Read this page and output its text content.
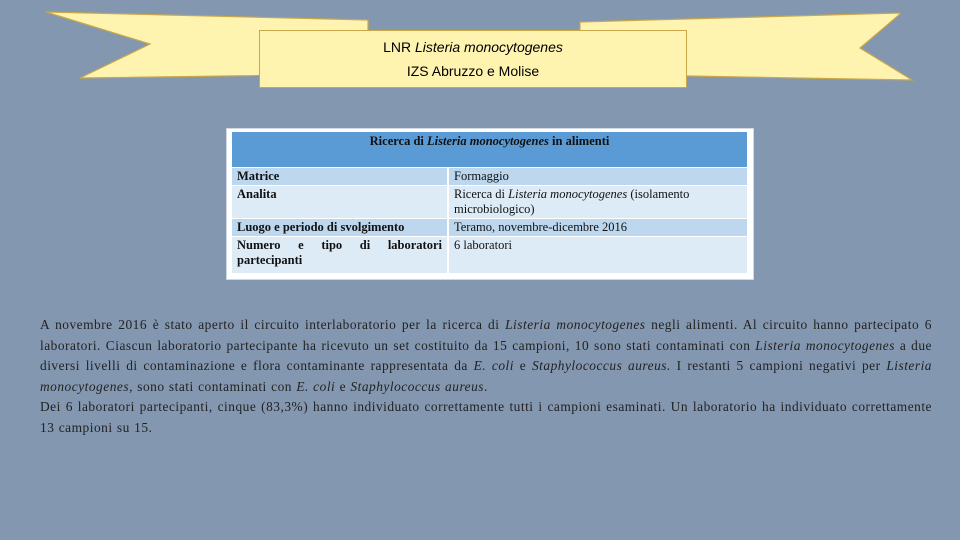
LNR Listeria monocytogenes
IZS Abruzzo e Molise
Ricerca di Listeria monocytogenes in alimenti	
Matrice	Formaggio
Analita	Ricerca di Listeria monocytogenes (isolamento microbiologico)
Luogo e periodo di svolgimento	Teramo, novembre-dicembre 2016
Numero e tipo di laboratori partecipanti	6 laboratori

A novembre 2016 è stato aperto il circuito interlaboratorio per la ricerca di Listeria monocytogenes negli alimenti. Al circuito hanno partecipato 6 laboratori. Ciascun laboratorio partecipante ha ricevuto un set costituito da 15 campioni, 10 sono stati contaminati con Listeria monocytogenes a due diversi livelli di contaminazione e flora contaminante rappresentata da E. coli e Staphylococcus aureus. I restanti 5 campioni negativi per Listeria monocytogenes, sono stati contaminati con E. coli e Staphylococcus aureus.

Dei 6 laboratori partecipanti, cinque (83,3%) hanno individuato correttamente tutti i campioni esaminati. Un laboratorio ha individuato correttamente 13 campioni su 15.
